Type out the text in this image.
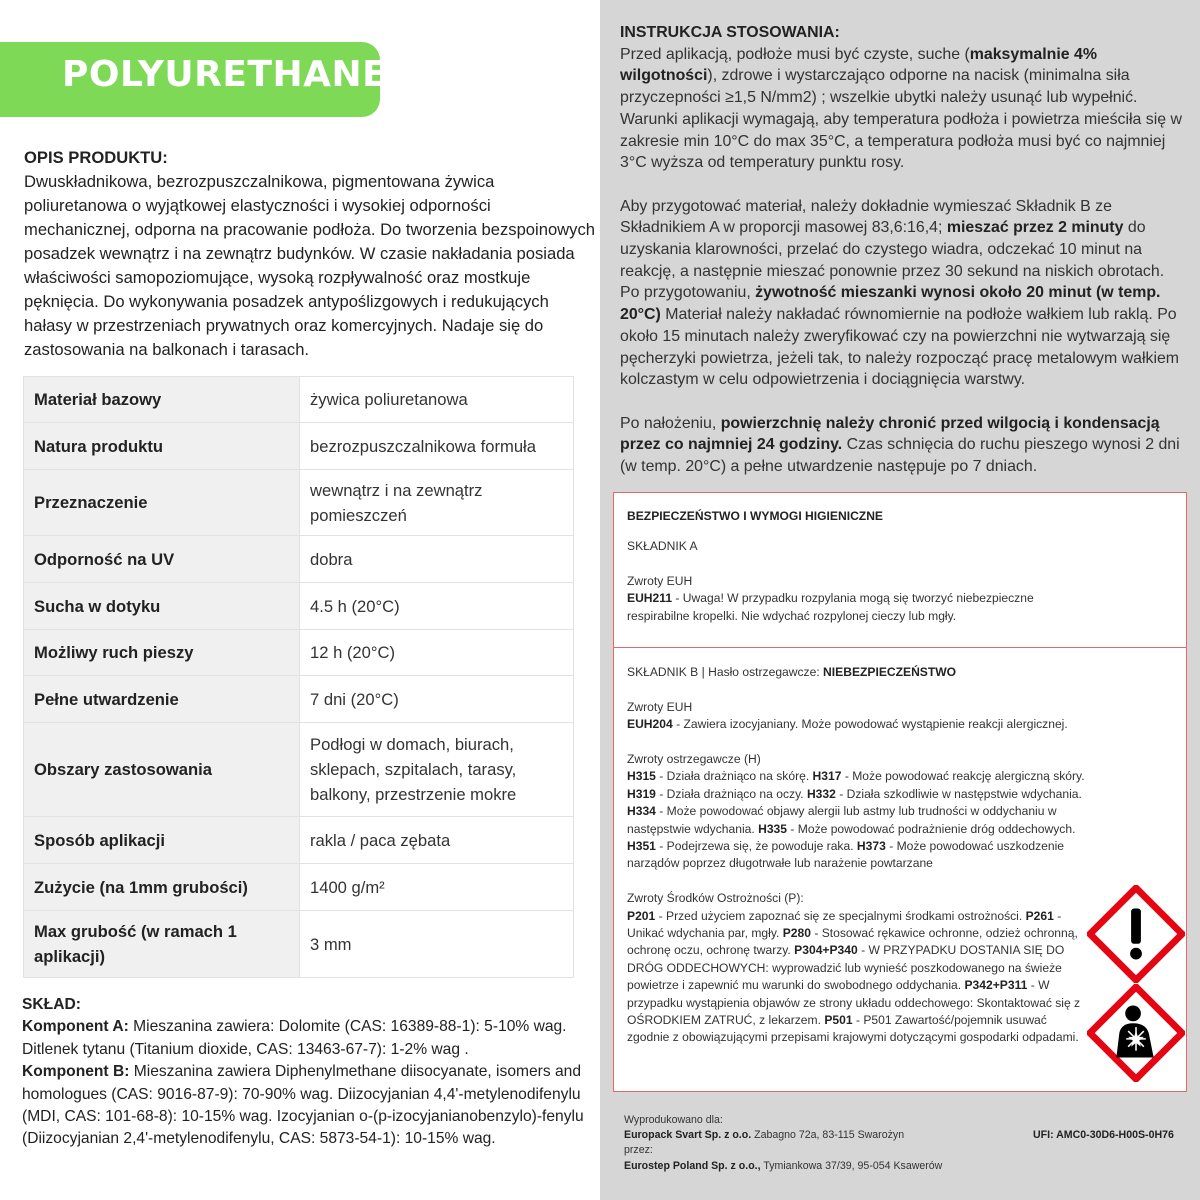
POLYURETHANE
OPIS PRODUKTU:
Dwuskładnikowa, bezrozpuszczalnikowa, pigmentowana żywica poliuretanowa o wyjątkowej elastyczności i wysokiej odporności mechanicznej, odporna na pracowanie podłoża. Do tworzenia bezspoinowych posadzek wewnątrz i na zewnątrz budynków. W czasie nakładania posiada właściwości samopoziomujące, wysoką rozpływalność oraz mostkuje pęknięcia. Do wykonywania posadzek antypoślizgowych i redukujących hałasy w przestrzeniach prywatnych oraz komercyjnych. Nadaje się do zastosowania na balkonach i tarasach.
Materiał bazowy	żywica poliuretanowa
Natura produktu	bezrozpuszczalnikowa formuła
Przeznaczenie	wewnątrz i na zewnątrz pomieszczeń
Odporność na UV	dobra
Sucha w dotyku	4.5 h (20°C)
Możliwy ruch pieszy	12 h (20°C)
Pełne utwardzenie	7 dni (20°C)
Obszary zastosowania	Podłogi w domach, biurach, sklepach, szpitalach, tarasy, balkony, przestrzenie mokre
Sposób aplikacji	rakla / paca zębata
Zużycie (na 1mm grubości)	1400 g/m²
Max grubość (w ramach 1 aplikacji)	3 mm
SKŁAD:
Komponent A: Mieszanina zawiera: Dolomite (CAS: 16389-88-1): 5-10% wag. Ditlenek tytanu (Titanium dioxide, CAS: 13463-67-7): 1-2% wag .
Komponent B: Mieszanina zawiera Diphenylmethane diisocyanate, isomers and homologues (CAS: 9016-87-9): 70-90% wag. Diizocyjanian 4,4'-metylenodifenylu (MDI, CAS: 101-68-8): 10-15% wag. Izocyjanian o-(p-izocyjanianobenzylo)-fenylu (Diizocyjanian 2,4'-metylenodifenylu, CAS: 5873-54-1): 10-15% wag.
INSTRUKCJA STOSOWANIA:

Przed aplikacją, podłoże musi być czyste, suche (maksymalnie 4% wilgotności), zdrowe i wystarczająco odporne na nacisk (minimalna siła przyczepności ≥1,5 N/mm2) ; wszelkie ubytki należy usunąć lub wypełnić. Warunki aplikacji wymagają, aby temperatura podłoża i powietrza mieściła się w zakresie min 10°C do max 35°C, a temperatura podłoża musi być co najmniej 3°C wyższa od temperatury punktu rosy.

Aby przygotować materiał, należy dokładnie wymieszać Składnik B ze Składnikiem A w proporcji masowej 83,6:16,4; mieszać przez 2 minuty do uzyskania klarowności, przelać do czystego wiadra, odczekać 10 minut na reakcję, a następnie mieszać ponownie przez 30 sekund na niskich obrotach. Po przygotowaniu, żywotność mieszanki wynosi około 20 minut (w temp. 20°C) Materiał należy nakładać równomiernie na podłoże wałkiem lub raklą. Po około 15 minutach należy zweryfikować czy na powierzchni nie wytwarzają się pęcherzyki powietrza, jeżeli tak, to należy rozpocząć pracę metalowym wałkiem kolczastym w celu odpowietrzenia i dociągnięcia warstwy.

Po nałożeniu, powierzchnię należy chronić przed wilgocią i kondensacją przez co najmniej 24 godziny. Czas schnięcia do ruchu pieszego wynosi 2 dni (w temp. 20°C) a pełne utwardzenie następuje po 7 dniach.

BEZPIECZEŃSTWO I WYMOGI HIGIENICZNE

SKŁADNIK A

Zwroty EUH
EUH211 - Uwaga! W przypadku rozpylania mogą się tworzyć niebezpieczne respirabilne kropelki. Nie wdychać rozpylonej cieczy lub mgły.

SKŁADNIK B | Hasło ostrzegawcze: NIEBEZPIECZEŃSTWO

Zwroty EUH

EUH204 - Zawiera izocyjaniany. Może powodować wystąpienie reakcji alergicznej.

Zwroty ostrzegawcze (H)

H315 - Działa drażniąco na skórę. H317 - Może powodować reakcję alergiczną skóry. H319 - Działa drażniąco na oczy. H332 - Działa szkodliwie w następstwie wdychania. H334 - Może powodować objawy alergii lub astmy lub trudności w oddychaniu w następstwie wdychania. H335 - Może powodować podrażnienie dróg oddechowych. H351 - Podejrzewa się, że powoduje raka. H373 - Może powodować uszkodzenie narządów poprzez długotrwałe lub narażenie powtarzane

Zwroty Środków Ostrożności (P):
P201 - Przed użyciem zapoznać się ze specjalnymi środkami ostrożności. P261 - Unikać wdychania par, mgły. P280 - Stosować rękawice ochronne, odzież ochronną, ochronę oczu, ochronę twarzy. P304+P340 - W PRZYPADKU DOSTANIA SIĘ DO DRÓG ODDECHOWYCH: wyprowadzić lub wynieść poszkodowanego na świeże powietrze i zapewnić mu warunki do swobodnego oddychania. P342+P311 - W przypadku wystąpienia objawów ze strony układu oddechowego: Skontaktować się z OŚRODKIEM ZATRUĆ, z lekarzem. P501 - P501 Zawartość/pojemnik usuwać zgodnie z obowiązującymi przepisami krajowymi dotyczącymi gospodarki odpadami.
Wyprodukowano dla:
Europack Svart Sp. z o.o. Zabagno 72a, 83-115 Swarożyn
przez:
Eurostep Poland Sp. z o.o., Tymiankowa 37/39, 95-054 Ksawerów
UFI: AMC0-30D6-H00S-0H76
